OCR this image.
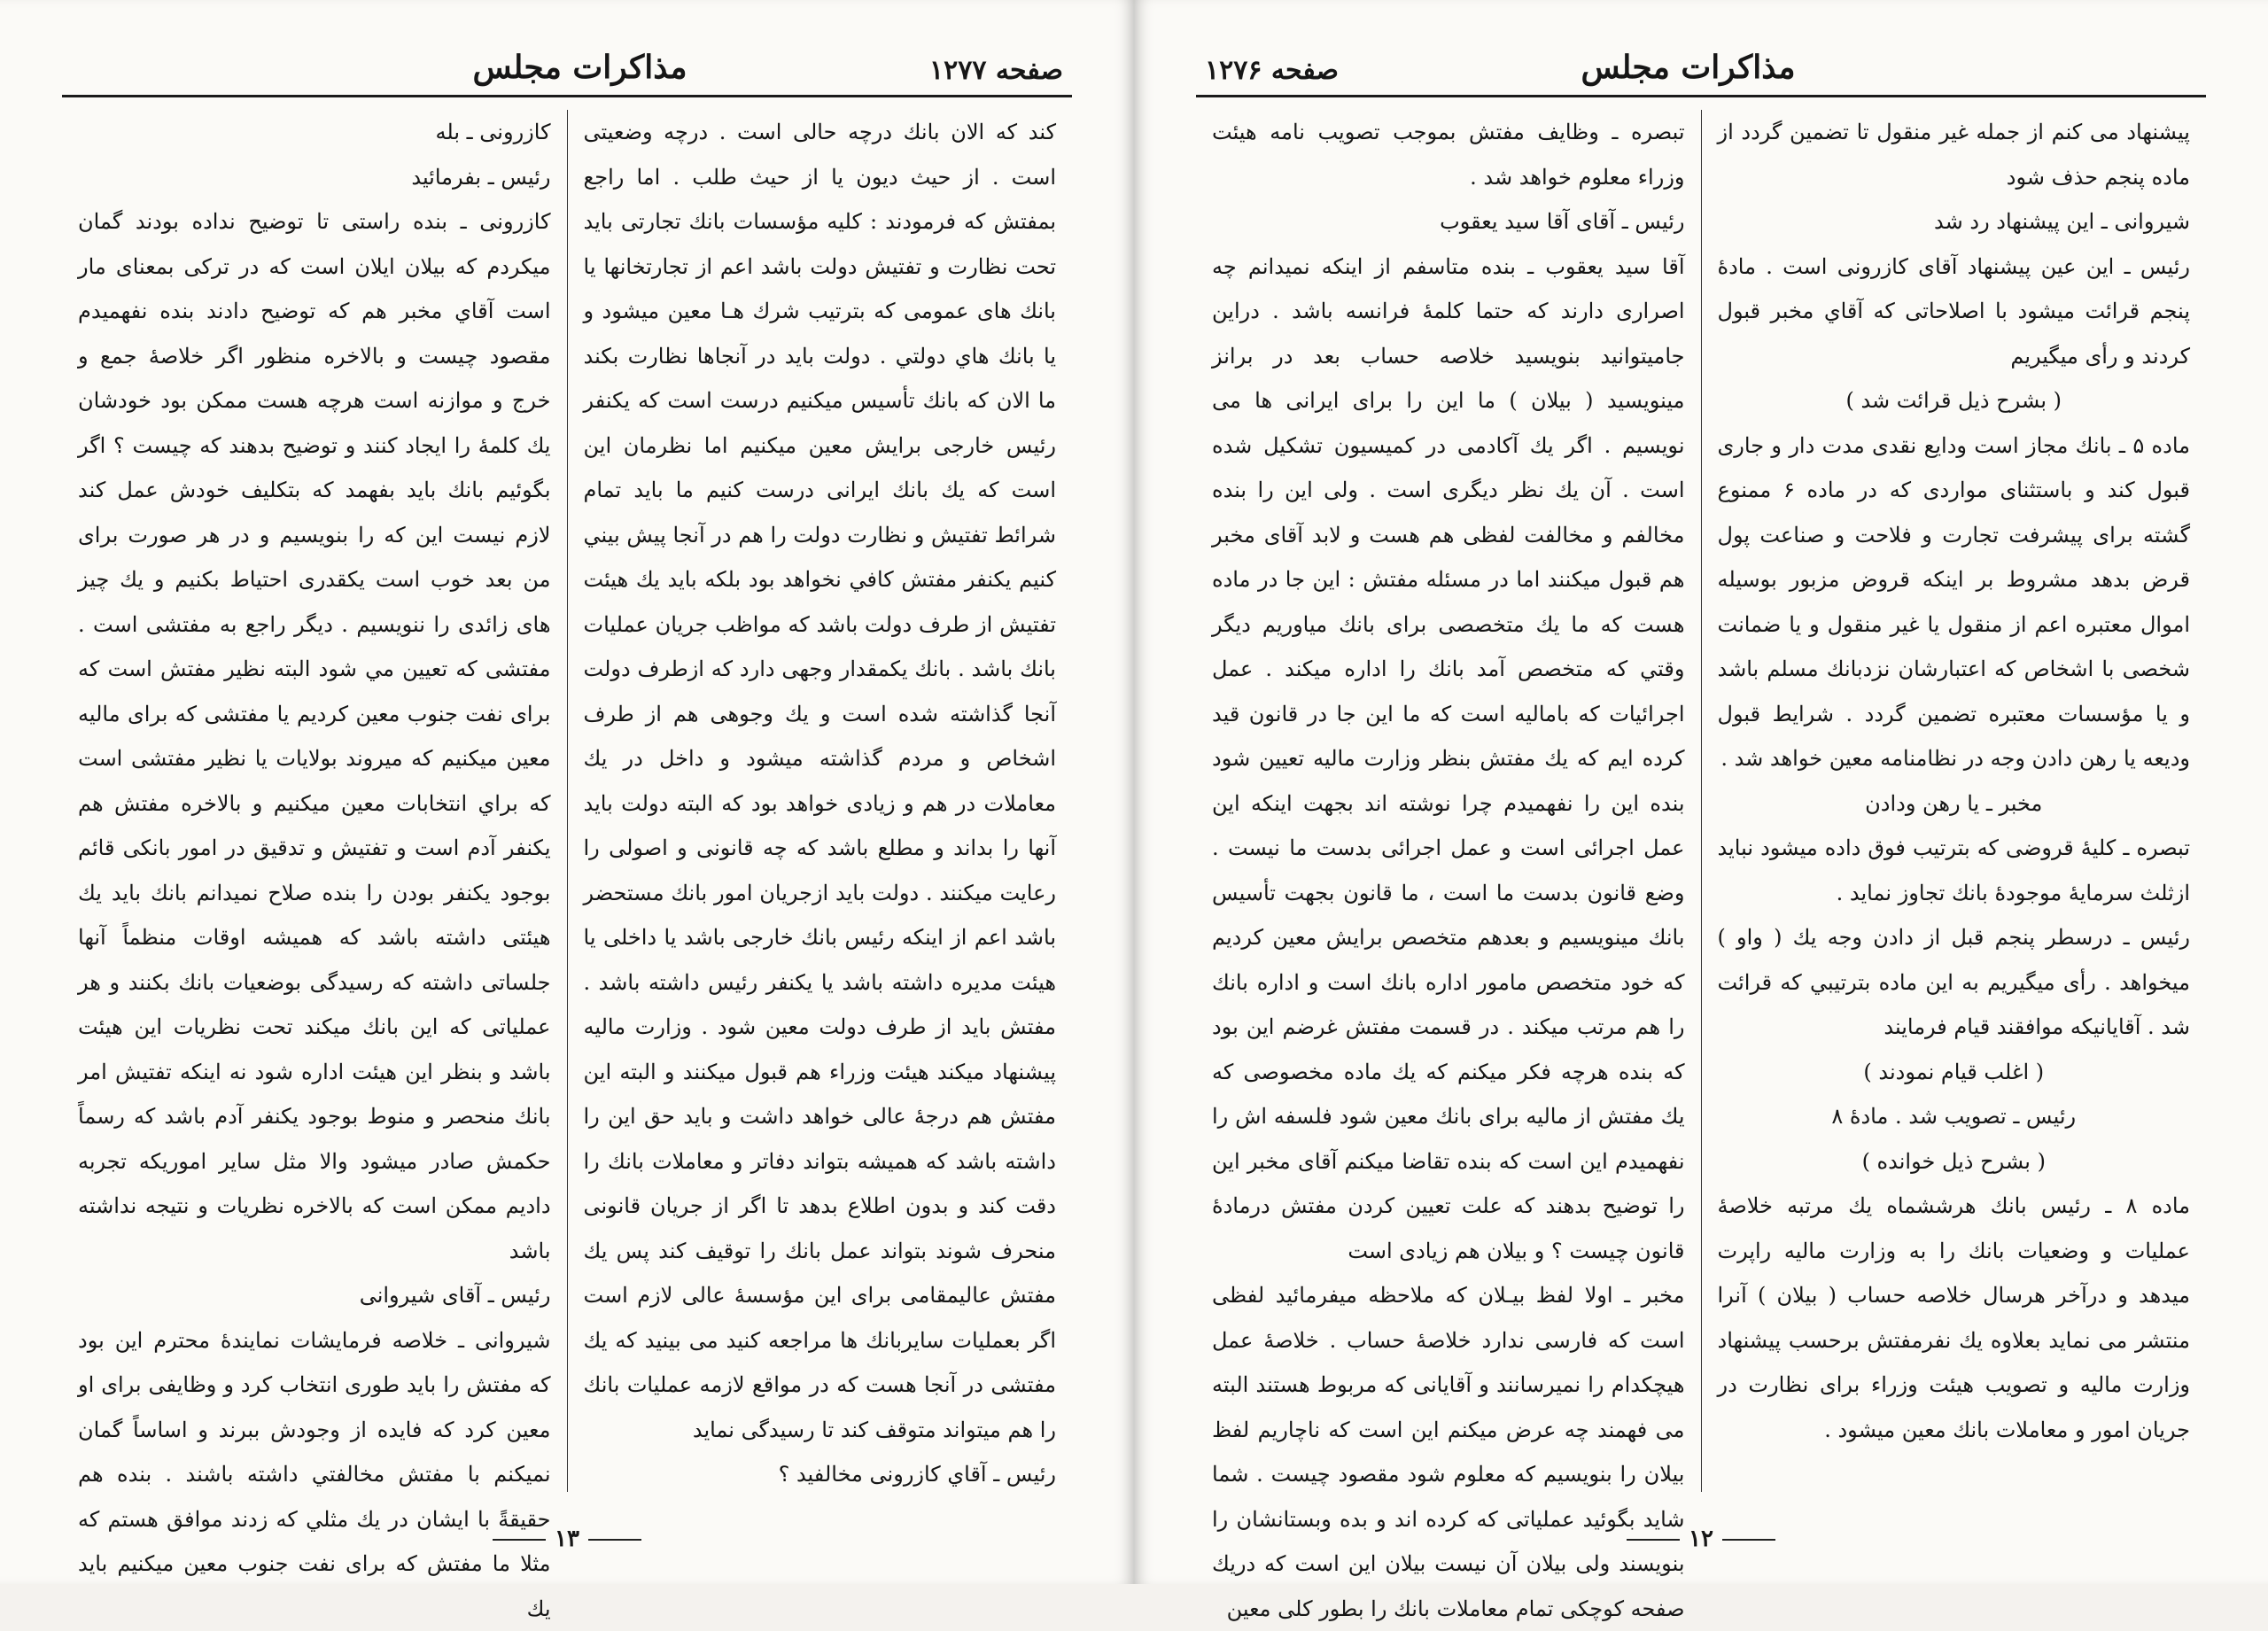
صفحه ۱۲۷۷
مذاکرات مجلس

كند كه الان بانك درچه حالى است . درچه وضعيتى است . از حيث ديون يا از حيث طلب . اما راجع بمفتش كه فرمودند : كليه مؤسسات بانك تجارتى بايد تحت نظارت و تفتيش دولت باشد اعم از تجارتخانها يا بانك هاى عمومى كه بترتيب شرك هـا معين ميشود و يا بانك هاي دولتي . دولت بايد در آنجاها نظارت بكند ما الان كه بانك تأسيس ميكنيم درست است كه يكنفر رئيس خارجى برايش معين ميكنيم اما نظرمان اين است كه يك بانك ايرانى درست كنيم ما بايد تمام شرائط تفتيش و نظارت دولت را هم در آنجا پيش بيني كنيم يكنفر مفتش كافي نخواهد بود بلكه بايد يك هيئت تفتيش از طرف دولت باشد كه مواظب جريان عمليات بانك باشد . بانك يكمقدار وجهى دارد كه ازطرف دولت آنجا گذاشته شده است و يك وجوهى هم از طرف اشخاص و مردم گذاشته ميشود و داخل در يك معاملات در هم و زيادى خواهد بود كه البته دولت بايد آنها را بداند و مطلع باشد كه چه قانونى و اصولى را رعايت ميكنند . دولت بايد ازجريان امور بانك مستحضر باشد اعم از اينكه رئيس بانك خارجى باشد يا داخلى يا هيئت مديره داشته باشد يا يكنفر رئيس داشته باشد . مفتش بايد از طرف دولت معين شود . وزارت ماليه پيشنهاد ميكند هيئت وزراء هم قبول ميكنند و البته اين مفتش هم درجهٔ عالى خواهد داشت و بايد حق اين را داشته باشد كه هميشه بتواند دفاتر و معاملات بانك را دقت كند و بدون اطلاع بدهد تا اگر از جريان قانونى منحرف شوند بتواند عمل بانك را توقيف كند پس يك مفتش عاليمقامى براى اين مؤسسهٔ عالى لازم است اگر بعمليات سايربانك ها مراجعه كنيد مى بينيد كه يك مفتشى در آنجا هست كه در مواقع لازمه عمليات بانك را هم ميتواند متوقف كند تا رسيدگى نمايد

رئيس ـ آقاي كازرونى مخالفيد ؟

كازرونى ـ بله

رئيس ـ بفرمائيد

كازرونى ـ بنده راستى تا توضيح نداده بودند گمان ميكردم كه بيلان ايلان است كه در تركى بمعناى مار است آقاي مخبر هم كه توضيح دادند بنده نفهميدم مقصود چيست و بالاخره منظور اگر خلاصهٔ جمع و خرج و موازنه است هرچه هست ممكن بود خودشان يك كلمهٔ را ايجاد كنند و توضيح بدهند كه چيست ؟ اگر بگوئيم بانك بايد بفهمد كه بتكليف خودش عمل كند لازم نيست اين كه را بنويسيم و در هر صورت براى من بعد خوب است يكقدرى احتياط بكنيم و يك چيز هاى زائدى را ننويسيم . ديگر راجع به مفتشى است . مفتشى كه تعيين مي شود البته نظير مفتش است كه براى نفت جنوب معين كرديم يا مفتشى كه براى ماليه معين ميكنيم كه ميروند بولايات يا نظير مفتشى است كه براي انتخابات معين ميكنيم و بالاخره مفتش هم يكنفر آدم است و تفتيش و تدقيق در امور بانكى قائم بوجود يكنفر بودن را بنده صلاح نميدانم بانك بايد يك هيئتى داشته باشد كه هميشه اوقات منظماً آنها جلساتى داشته كه رسيدگى بوضعيات بانك بكنند و هر عملياتى كه اين بانك ميكند تحت نظريات اين هيئت باشد و بنظر اين هيئت اداره شود نه اينكه تفتيش امر بانك منحصر و منوط بوجود يكنفر آدم باشد كه رسماً حكمش صادر ميشود والا مثل ساير اموريكه تجربه داديم ممكن است كه بالاخره نظريات و نتيجه نداشته باشد

رئيس ـ آقاى شيروانى

شيروانى ـ خلاصه فرمايشات نمايندهٔ محترم اين بود كه مفتش را بايد طورى انتخاب كرد و وظايفى براى او معين كرد كه فايده از وجودش ببرند و اساساً گمان نميكنم با مفتش مخالفتي داشته باشند . بنده هم حقيقةً با ايشان در يك مثلي كه زدند موافق هستم كه مثلا ما مفتش كه براى نفت جنوب معين ميكنيم بايد يك

۱۳
مذاکرات مجلس
صفحه ۱۲۷۶

پيشنهاد مى كنم از جمله غير منقول تا تضمين گردد از ماده پنجم حذف شود

شيروانى ـ اين پيشنهاد رد شد

رئيس ـ اين عين پيشنهاد آقاى كازرونى است . مادهٔ پنجم قرائت ميشود با اصلاحاتى كه آقاي مخبر قبول كردند و رأى ميگيريم

( بشرح ذيل قرائت شد )

ماده ۵ ـ بانك مجاز است ودايع نقدى مدت دار و جارى قبول كند و باستثناى مواردى كه در ماده ۶ ممنوع گشته براى پيشرفت تجارت و فلاحت و صناعت پول قرض بدهد مشروط بر اينكه قروض مزبور بوسيله اموال معتبره اعم از منقول يا غير منقول و يا ضمانت شخصى با اشخاص كه اعتبارشان نزدبانك مسلم باشد و يا مؤسسات معتبره تضمين گردد . شرايط قبول وديعه يا رهن دادن وجه در نظامنامه معين خواهد شد .

مخبر ـ يا رهن ودادن

تبصره ـ كليهٔ قروضى كه بترتيب فوق داده ميشود نبايد ازثلث سرمايهٔ موجودهٔ بانك تجاوز نمايد .

رئيس ـ درسطر پنجم قبل از دادن وجه يك ( واو ) ميخواهد . رأى ميگيريم به اين ماده بترتيبي كه قرائت شد . آقايانيكه موافقند قيام فرمايند

( اغلب قيام نمودند )

رئيس ـ تصويب شد . مادهٔ ۸

( بشرح ذيل خوانده )

ماده ۸ ـ رئيس بانك هرششماه يك مرتبه خلاصهٔ عمليات و وضعيات بانك را به وزارت ماليه راپرت ميدهد و درآخر هرسال خلاصه حساب ( بيلان ) آنرا منتشر مى نمايد بعلاوه يك نفرمفتش برحسب پيشنهاد وزارت ماليه و تصويب هيئت وزراء براى نظارت در جريان امور و معاملات بانك معين ميشود .

تبصره ـ وظايف مفتش بموجب تصويب نامه هيئت وزراء معلوم خواهد شد .

رئيس ـ آقاى آقا سيد يعقوب

آقا سيد يعقوب ـ بنده متاسفم از اينكه نميدانم چه اصرارى دارند كه حتما كلمهٔ فرانسه باشد . دراين جاميتوانيد بنويسيد خلاصه حساب بعد در برانز مينويسيد ( بيلان ) ما اين را براى ايرانى ها مى نويسيم . اگر يك آكادمى در كميسيون تشكيل شده است . آن يك نظر ديگرى است . ولى اين را بنده مخالفم و مخالفت لفظى هم هست و لابد آقاى مخبر هم قبول ميكنند اما در مسئله مفتش : اين جا در ماده هست كه ما يك متخصصى براى بانك مياوريم ديگر وقتي كه متخصص آمد بانك را اداره ميكند . عمل اجرائيات كه باماليه است كه ما اين جا در قانون قيد كرده ايم كه يك مفتش بنظر وزارت ماليه تعيين شود بنده اين را نفهميدم چرا نوشته اند بجهت اينكه اين عمل اجرائى است و عمل اجرائى بدست ما نيست . وضع قانون بدست ما است ، ما قانون بجهت تأسيس بانك مينويسيم و بعدهم متخصص برايش معين كرديم كه خود متخصص مامور اداره بانك است و اداره بانك را هم مرتب ميكند . در قسمت مفتش غرضم اين بود كه بنده هرچه فكر ميكنم كه يك ماده مخصوصى كه يك مفتش از ماليه براى بانك معين شود فلسفه اش را نفهميدم اين است كه بنده تقاضا ميكنم آقاى مخبر اين را توضيح بدهند كه علت تعيين كردن مفتش درمادهٔ قانون چيست ؟ و بيلان هم زيادى است

مخبر ـ اولا لفظ بيـلان كه ملاحظه ميفرمائيد لفظى است كه فارسى ندارد خلاصهٔ حساب . خلاصهٔ عمل هيچكدام را نميرسانند و آقايانى كه مربوط هستند البته مى فهمند چه عرض ميكنم اين است كه ناچاريم لفظ بيلان را بنويسيم كه معلوم شود مقصود چيست . شما شايد بگوئيد عملياتى كه كرده اند و بده وبستانشان را بنويسند ولى بيلان آن نيست بيلان اين است كه دريك صفحه كوچكى تمام معاملات بانك را بطور كلى معين

۱۲
